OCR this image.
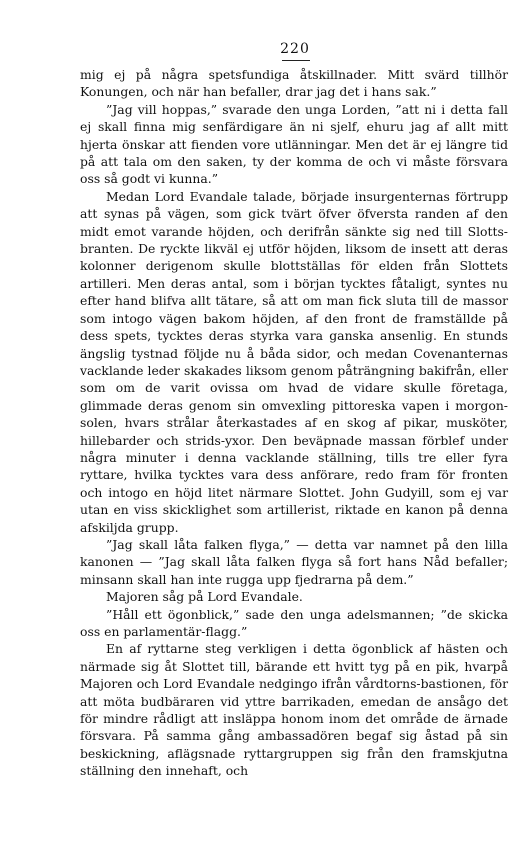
220

mig ej på några spetsfundiga åtskillnader. Mitt svärd tillhör Konungen, och när han befaller, drar jag det i hans sak.”

”Jag vill hoppas,” svarade den unga Lorden, ”att ni i detta fall ej skall finna mig senfärdigare än ni sjelf, ehuru jag af allt mitt hjerta önskar att fienden vore utlänningar. Men det är ej längre tid på att tala om den saken, ty der komma de och vi måste försvara oss så godt vi kunna.”

Medan Lord Evandale talade, började insurgenternas förtrupp att synas på vägen, som gick tvärt öfver öfversta randen af den midt emot varande höjden, och derifrån sänkte sig ned till Slotts-branten. De ryckte likväl ej utför höjden, liksom de insett att deras kolonner derigenom skulle blottställas för elden från Slottets artilleri. Men deras antal, som i början tycktes fåtaligt, syntes nu efter hand blifva allt tätare, så att om man fick sluta till de massor som intogo vägen bakom höjden, af den front de framställde på dess spets, tycktes deras styrka vara ganska ansenlig. En stunds ängslig tystnad följde nu å båda sidor, och medan Covenanternas vacklande leder skakades liksom genom påträngning bakifrån, eller som om de varit ovissa om hvad de vidare skulle företaga, glimmade deras genom sin omvexling pittoreska vapen i morgon-solen, hvars strålar återkastades af en skog af pikar, musköter, hillebarder och strids-yxor. Den beväpnade massan förblef under några minuter i denna vacklande ställning, tills tre eller fyra ryttare, hvilka tycktes vara dess anförare, redo fram för fronten och intogo en höjd litet närmare Slottet. John Gudyill, som ej var utan en viss skicklighet som artillerist, riktade en kanon på denna afskiljda grupp.

”Jag skall låta falken flyga,” — detta var namnet på den lilla kanonen — ”Jag skall låta falken flyga så fort hans Nåd befaller; minsann skall han inte rugga upp fjedrarna på dem.”

Majoren såg på Lord Evandale.

”Håll ett ögonblick,” sade den unga adelsmannen; ”de skicka oss en parlamentär-flagg.”

En af ryttarne steg verkligen i detta ögonblick af hästen och närmade sig åt Slottet till, bärande ett hvitt tyg på en pik, hvarpå Majoren och Lord Evandale nedgingo ifrån vårdtorns-bastionen, för att möta budbäraren vid yttre barrikaden, emedan de ansågo det för mindre rådligt att insläppa honom inom det område de ärnade försvara. På samma gång ambassadören begaf sig åstad på sin beskickning, aflägsnade ryttargruppen sig från den framskjutna ställning den innehaft, och
